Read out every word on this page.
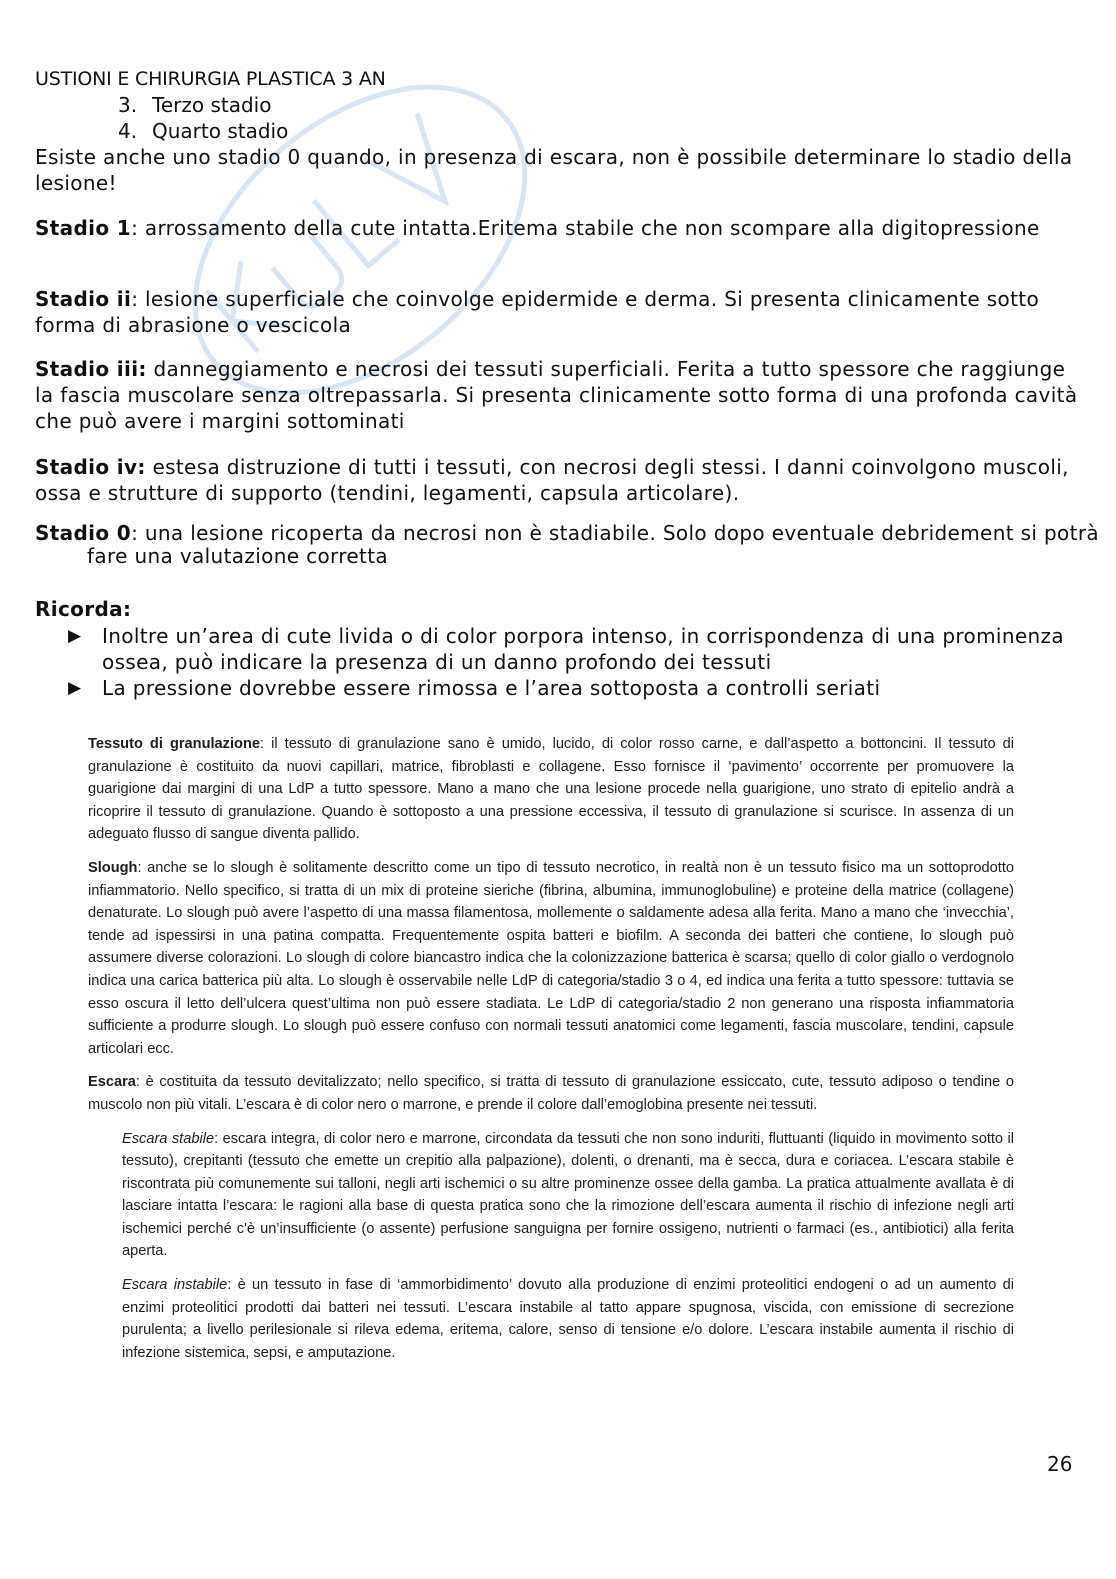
USTIONI E CHIRURGIA PLASTICA 3 AN
3. Terzo stadio
4. Quarto stadio
Esiste anche uno stadio 0 quando, in presenza di escara, non è possibile determinare lo stadio della lesione!
Stadio 1: arrossamento della cute intatta.Eritema stabile che non scompare alla digitopressione
Stadio ii: lesione superficiale che coinvolge epidermide e derma. Si presenta clinicamente sotto forma di abrasione o vescicola
Stadio iii: danneggiamento e necrosi dei tessuti superficiali. Ferita a tutto spessore che raggiunge la fascia muscolare senza oltrepassarla. Si presenta clinicamente sotto forma di una profonda cavità che può avere i margini sottominati
Stadio iv: estesa distruzione di tutti i tessuti, con necrosi degli stessi. I danni coinvolgono muscoli, ossa e strutture di supporto (tendini, legamenti, capsula articolare).
Stadio 0: una lesione ricoperta da necrosi non è stadiabile. Solo dopo eventuale debridement si potrà fare una valutazione corretta
Ricorda:
▶	Inoltre un’area di cute livida o di color porpora intenso, in corrispondenza di una prominenza ossea, può indicare la presenza di un danno profondo dei tessuti
▶	La pressione dovrebbe essere rimossa e l’area sottoposta a controlli seriati

Tessuto di granulazione: il tessuto di granulazione sano è umido, lucido, di color rosso carne, e dall’aspetto a bottoncini. Il tessuto di granulazione è costituito da nuovi capillari, matrice, fibroblasti e collagene. Esso fornisce il ‘pavimento’ occorrente per promuovere la guarigione dai margini di una LdP a tutto spessore. Mano a mano che una lesione procede nella guarigione, uno strato di epitelio andrà a ricoprire il tessuto di granulazione. Quando è sottoposto a una pressione eccessiva, il tessuto di granulazione si scurisce. In assenza di un adeguato flusso di sangue diventa pallido.

Slough: anche se lo slough è solitamente descritto come un tipo di tessuto necrotico, in realtà non è un tessuto fisico ma un sottoprodotto infiammatorio. Nello specifico, si tratta di un mix di proteine sieriche (fibrina, albumina, immunoglobuline) e proteine della matrice (collagene) denaturate. Lo slough può avere l’aspetto di una massa filamentosa, mollemente o saldamente adesa alla ferita. Mano a mano che ‘invecchia’, tende ad ispessirsi in una patina compatta. Frequentemente ospita batteri e biofilm. A seconda dei batteri che contiene, lo slough può assumere diverse colorazioni. Lo slough di colore biancastro indica che la colonizzazione batterica è scarsa; quello di color giallo o verdognolo indica una carica batterica più alta. Lo slough è osservabile nelle LdP di categoria/stadio 3 o 4, ed indica una ferita a tutto spessore: tuttavia se esso oscura il letto dell’ulcera quest’ultima non può essere stadiata. Le LdP di categoria/stadio 2 non generano una risposta infiammatoria sufficiente a produrre slough. Lo slough può essere confuso con normali tessuti anatomici come legamenti, fascia muscolare, tendini, capsule articolari ecc.

Escara: è costituita da tessuto devitalizzato; nello specifico, si tratta di tessuto di granulazione essiccato, cute, tessuto adiposo o tendine o muscolo non più vitali. L’escara è di color nero o marrone, e prende il colore dall’emoglobina presente nei tessuti.

Escara stabile: escara integra, di color nero e marrone, circondata da tessuti che non sono induriti, fluttuanti (liquido in movimento sotto il tessuto), crepitanti (tessuto che emette un crepitio alla palpazione), dolenti, o drenanti, ma è secca, dura e coriacea. L’escara stabile è riscontrata più comunemente sui talloni, negli arti ischemici o su altre prominenze ossee della gamba. La pratica attualmente avallata è di lasciare intatta l’escara: le ragioni alla base di questa pratica sono che la rimozione dell’escara aumenta il rischio di infezione negli arti ischemici perché c'è un’insufficiente (o assente) perfusione sanguigna per fornire ossigeno, nutrienti o farmaci (es., antibiotici) alla ferita aperta.

Escara instabile: è un tessuto in fase di ‘ammorbidimento’ dovuto alla produzione di enzimi proteolitici endogeni o ad un aumento di enzimi proteolitici prodotti dai batteri nei tessuti. L’escara instabile al tatto appare spugnosa, viscida, con emissione di secrezione purulenta; a livello perilesionale si rileva edema, eritema, calore, senso di tensione e/o dolore. L’escara instabile aumenta il rischio di infezione sistemica, sepsi, e amputazione.

26
